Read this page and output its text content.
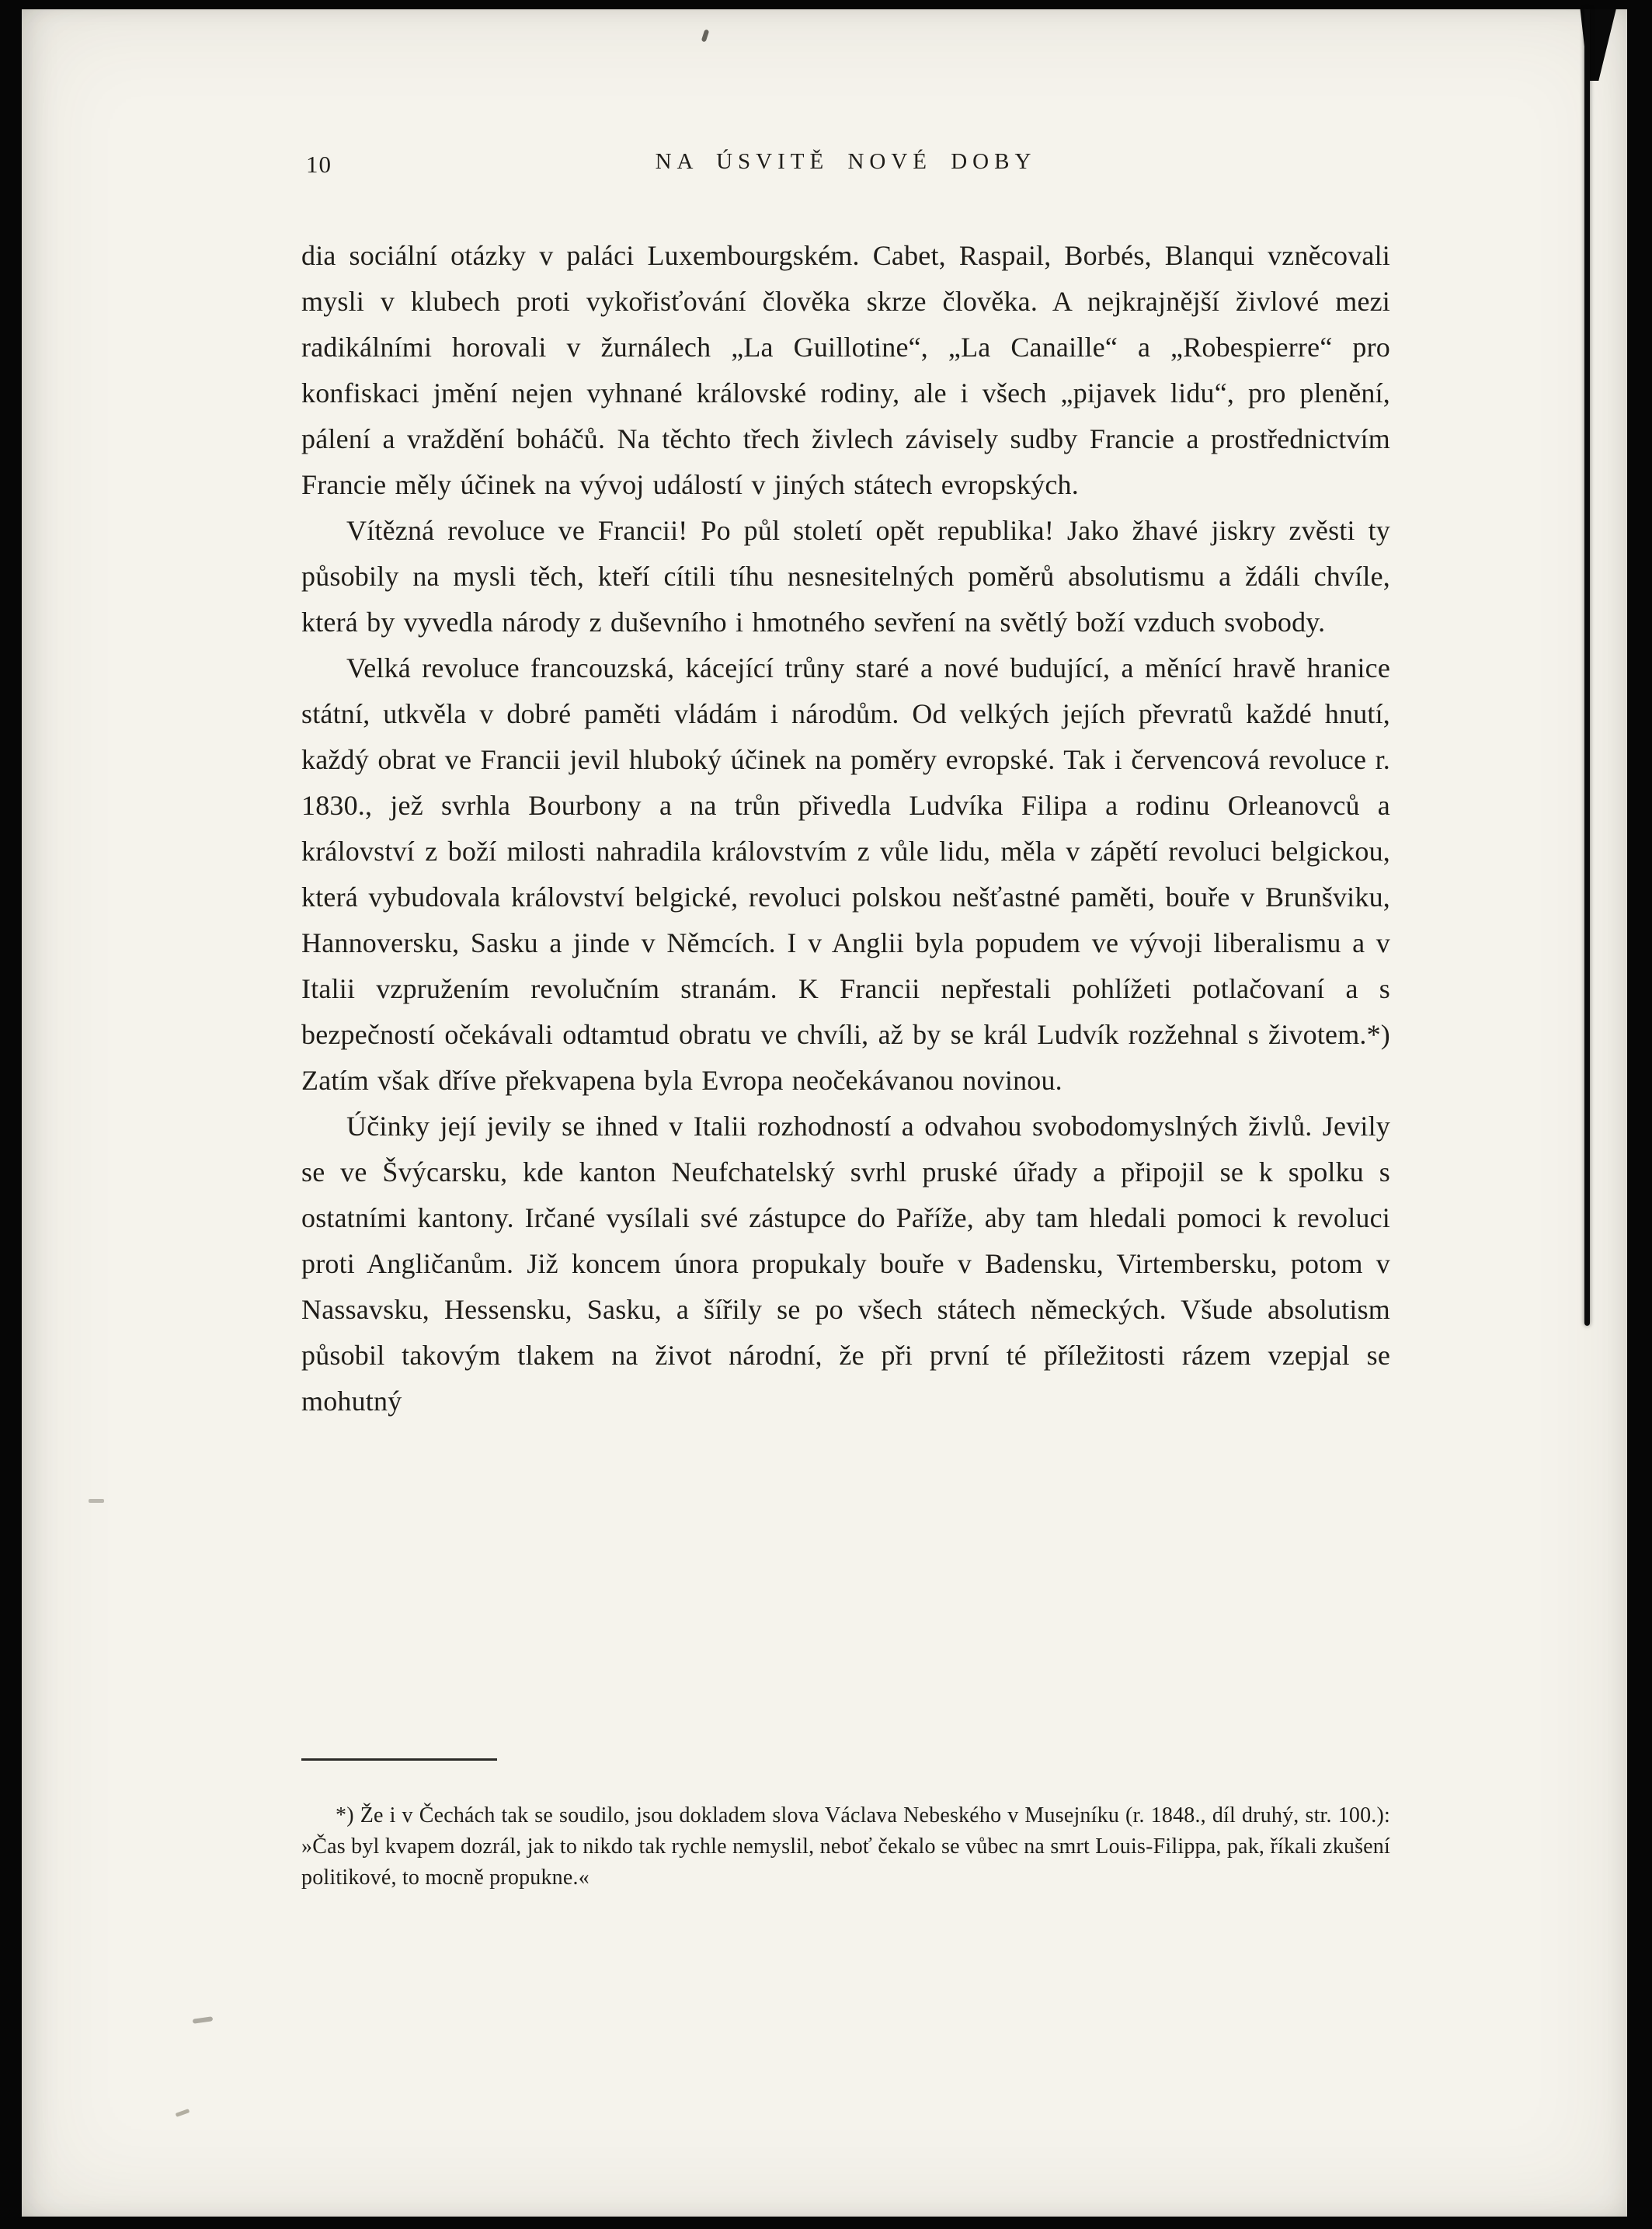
10	NA ÚSVITĚ NOVÉ DOBY

dia sociální otázky v paláci Luxembourgském. Cabet, Raspail, Borbés, Blanqui vzněcovali mysli v klubech proti vykořisťování člověka skrze člověka. A nejkrajnější živlové mezi radikálními horovali v žurnálech „La Guillotine“, „La Canaille“ a „Robespierre“ pro konfiskaci jmění nejen vyhnané královské rodiny, ale i všech „pijavek lidu“, pro plenění, pálení a vraždění boháčů. Na těchto třech živlech závisely sudby Francie a prostřednictvím Francie měly účinek na vývoj událostí v jiných státech evropských.

Vítězná revoluce ve Francii! Po půl století opět republika! Jako žhavé jiskry zvěsti ty působily na mysli těch, kteří cítili tíhu nesnesitelných poměrů absolutismu a ždáli chvíle, která by vyvedla národy z duševního i hmotného sevření na světlý boží vzduch svobody.

Velká revoluce francouzská, kácející trůny staré a nové budující, a měnící hravě hranice státní, utkvěla v dobré paměti vládám i národům. Od velkých jejích převratů každé hnutí, každý obrat ve Francii jevil hluboký účinek na poměry evropské. Tak i červencová revoluce r. 1830., jež svrhla Bourbony a na trůn přivedla Ludvíka Filipa a rodinu Orleanovců a království z boží milosti nahradila královstvím z vůle lidu, měla v zápětí revoluci belgickou, která vybudovala království belgické, revoluci polskou nešťastné paměti, bouře v Brunšviku, Hannoversku, Sasku a jinde v Němcích. I v Anglii byla popudem ve vývoji liberalismu a v Italii vzpružením revolučním stranám. K Francii nepřestali pohlížeti potlačovaní a s bezpečností očekávali odtamtud obratu ve chvíli, až by se král Ludvík rozžehnal s životem.*) Zatím však dříve překvapena byla Evropa neočekávanou novinou.

Účinky její jevily se ihned v Italii rozhodností a odvahou svobodomyslných živlů. Jevily se ve Švýcarsku, kde kanton Neufchatelský svrhl pruské úřady a připojil se k spolku s ostatními kantony. Irčané vysílali své zástupce do Paříže, aby tam hledali pomoci k revoluci proti Angličanům. Již koncem února propukaly bouře v Badensku, Virtembersku, potom v Nassavsku, Hessensku, Sasku, a šířily se po všech státech německých. Všude absolutism působil takovým tlakem na život národní, že při první té příležitosti rázem vzepjal se mohutný

*) Že i v Čechách tak se soudilo, jsou dokladem slova Václava Nebeského v Musejníku (r. 1848., díl druhý, str. 100.): »Čas byl kvapem dozrál, jak to nikdo tak rychle nemyslil, neboť čekalo se vůbec na smrt Louis-Filippa, pak, říkali zkušení politikové, to mocně propukne.«
